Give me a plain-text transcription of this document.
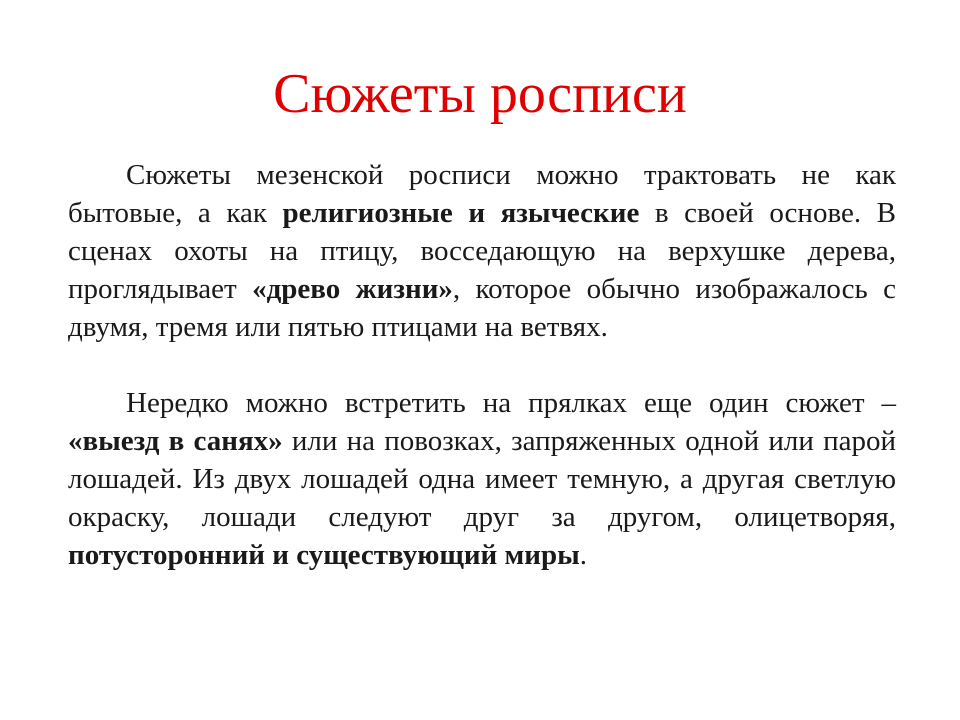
Сюжеты росписи

Сюжеты мезенской росписи можно трактовать не как бытовые, а как религиозные и языческие в своей основе. В сценах охоты на птицу, восседающую на верхушке дерева, проглядывает «древо жизни», которое обычно изображалось с двумя, тремя или пятью птицами на ветвях.

Нередко можно встретить на прялках еще один сюжет – «выезд в санях» или на повозках, запряженных одной или парой лошадей. Из двух лошадей одна имеет темную, а другая светлую окраску, лошади следуют друг за другом, олицетворяя, потусторонний и существующий миры.
